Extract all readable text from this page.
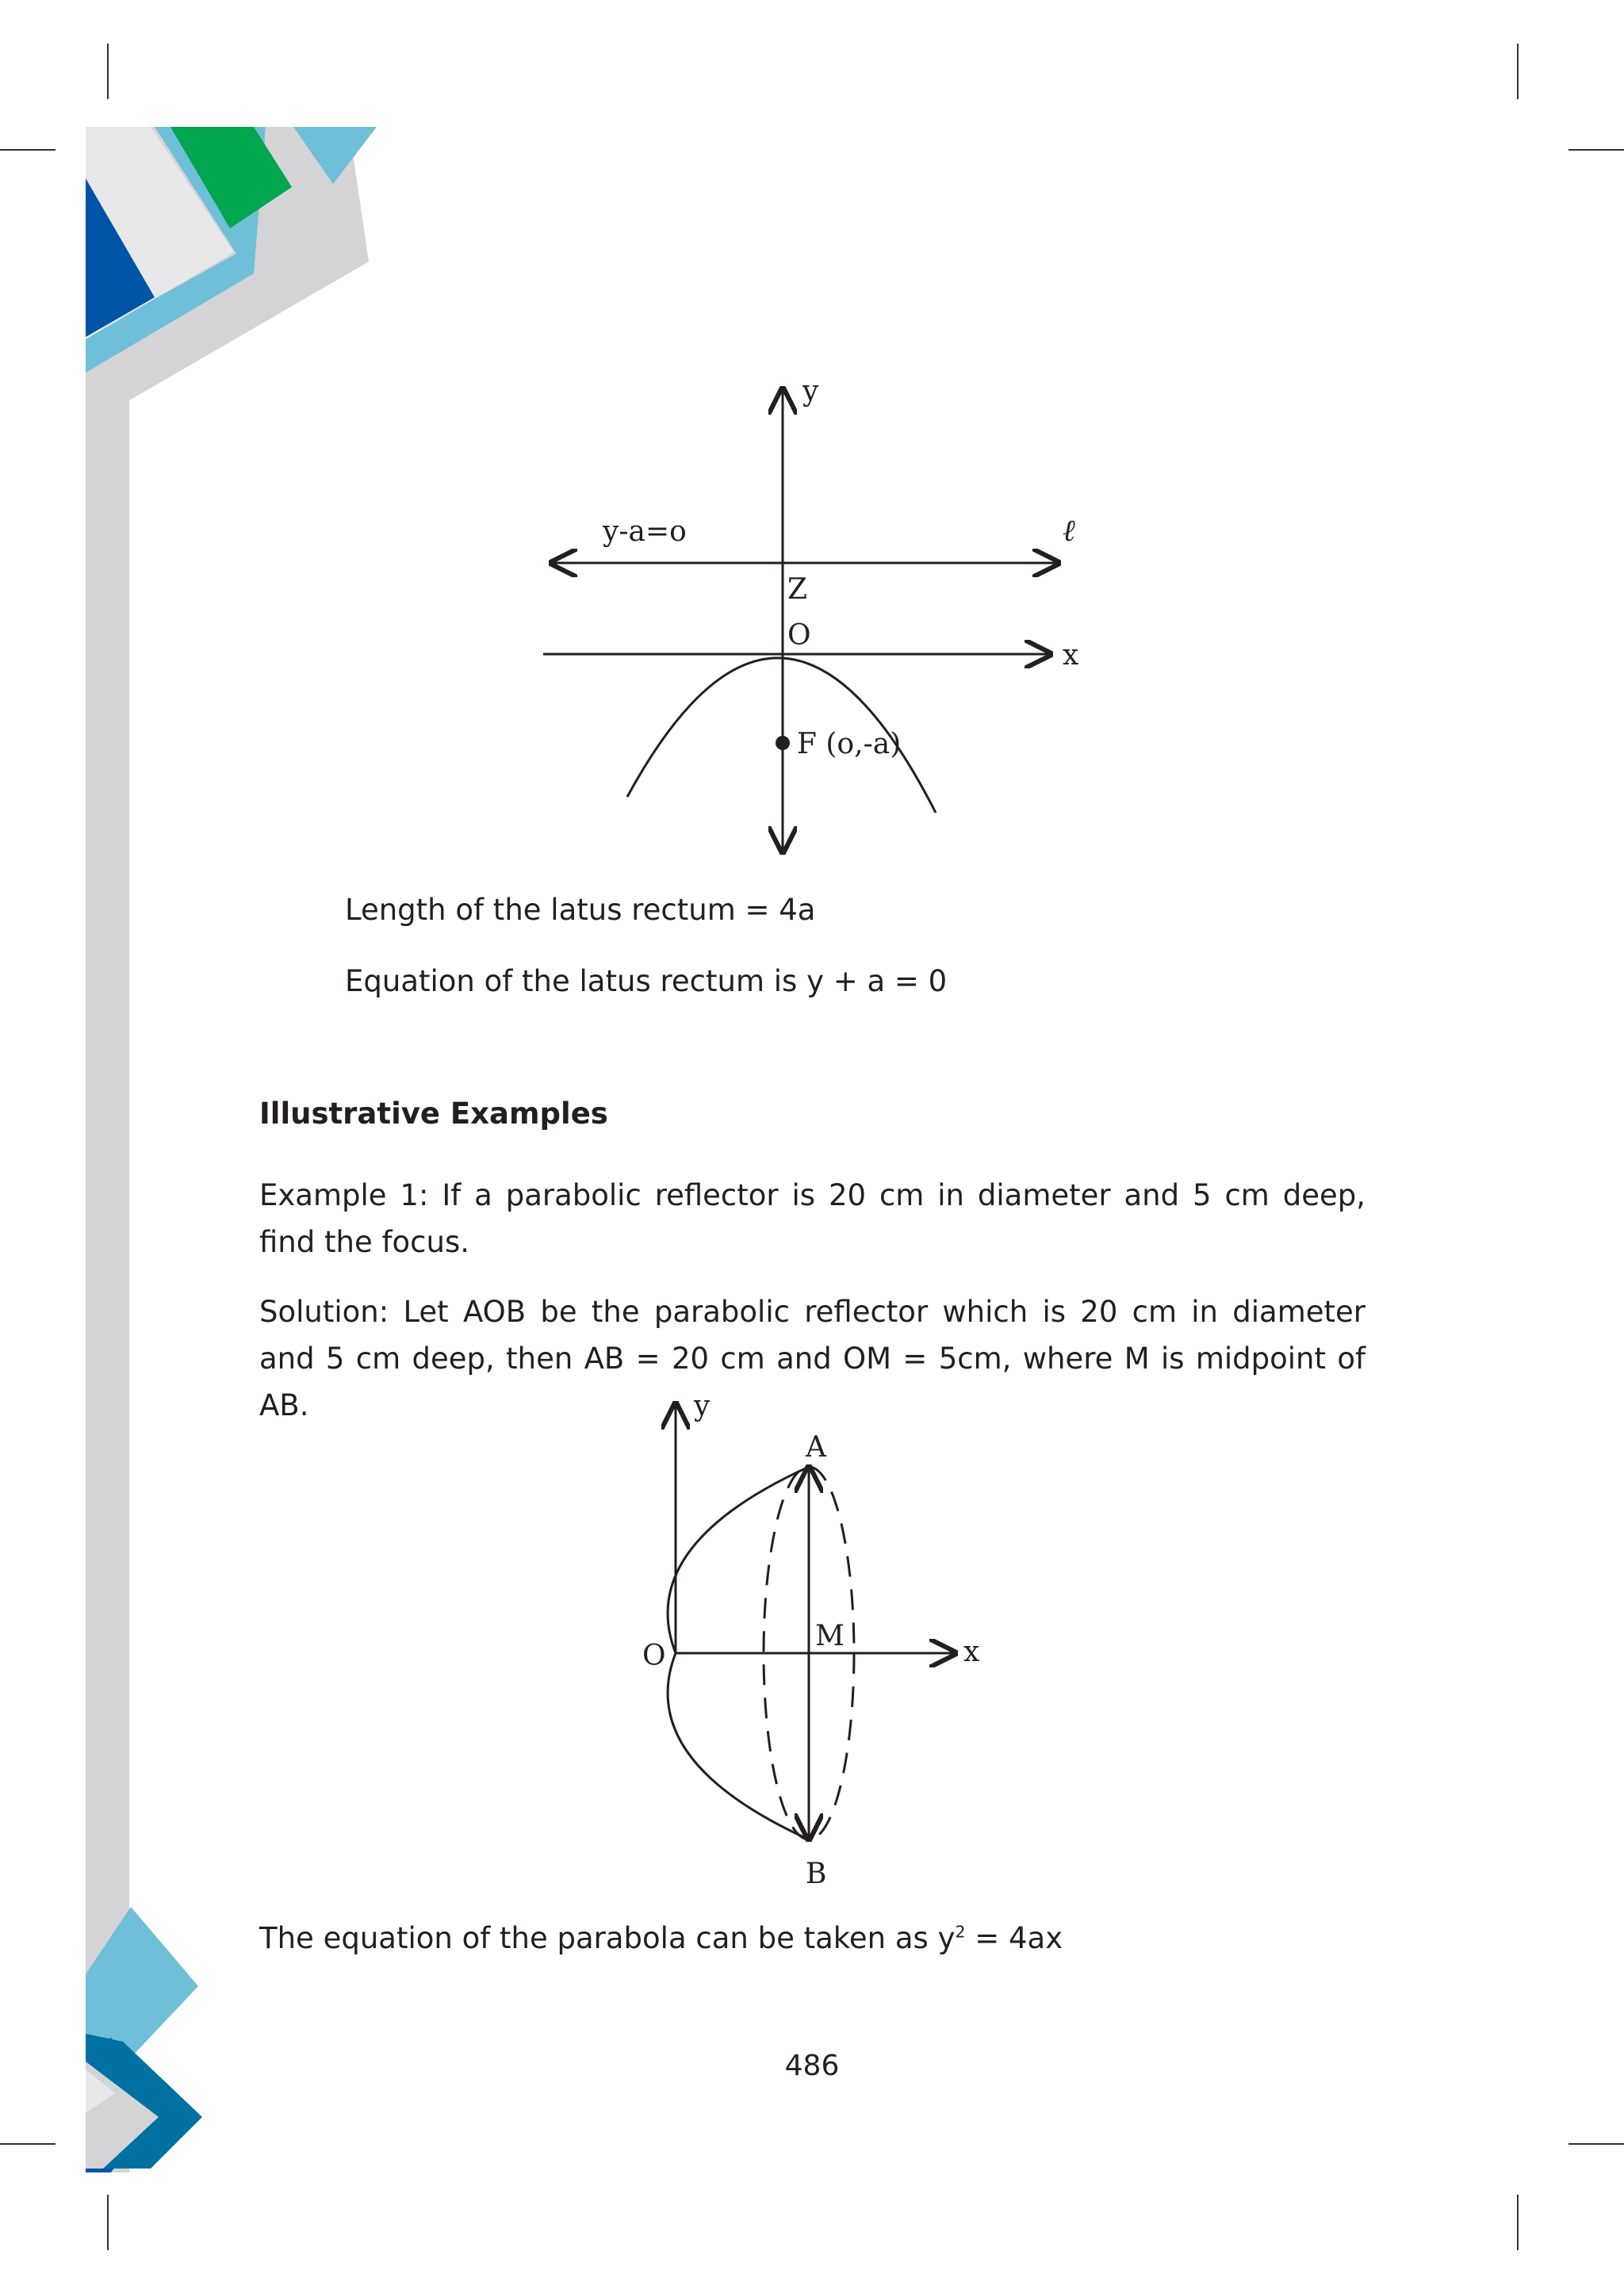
y
y-a=o	ℓ
Z
O
x
F (o,-a)
Length of the latus rectum = 4a
Equation of the latus rectum is y + a = 0
Illustrative Examples
Example 1: If a parabolic reflector is 20 cm in diameter and 5 cm deep, find the focus.
Solution: Let AOB be the parabolic reflector which is 20 cm in diameter and 5 cm deep, then AB = 20 cm and OM = 5cm, where M is midpoint of AB.	y
A
M
O	x
B
The equation of the parabola can be taken as $y^2 = 4ax$
486
